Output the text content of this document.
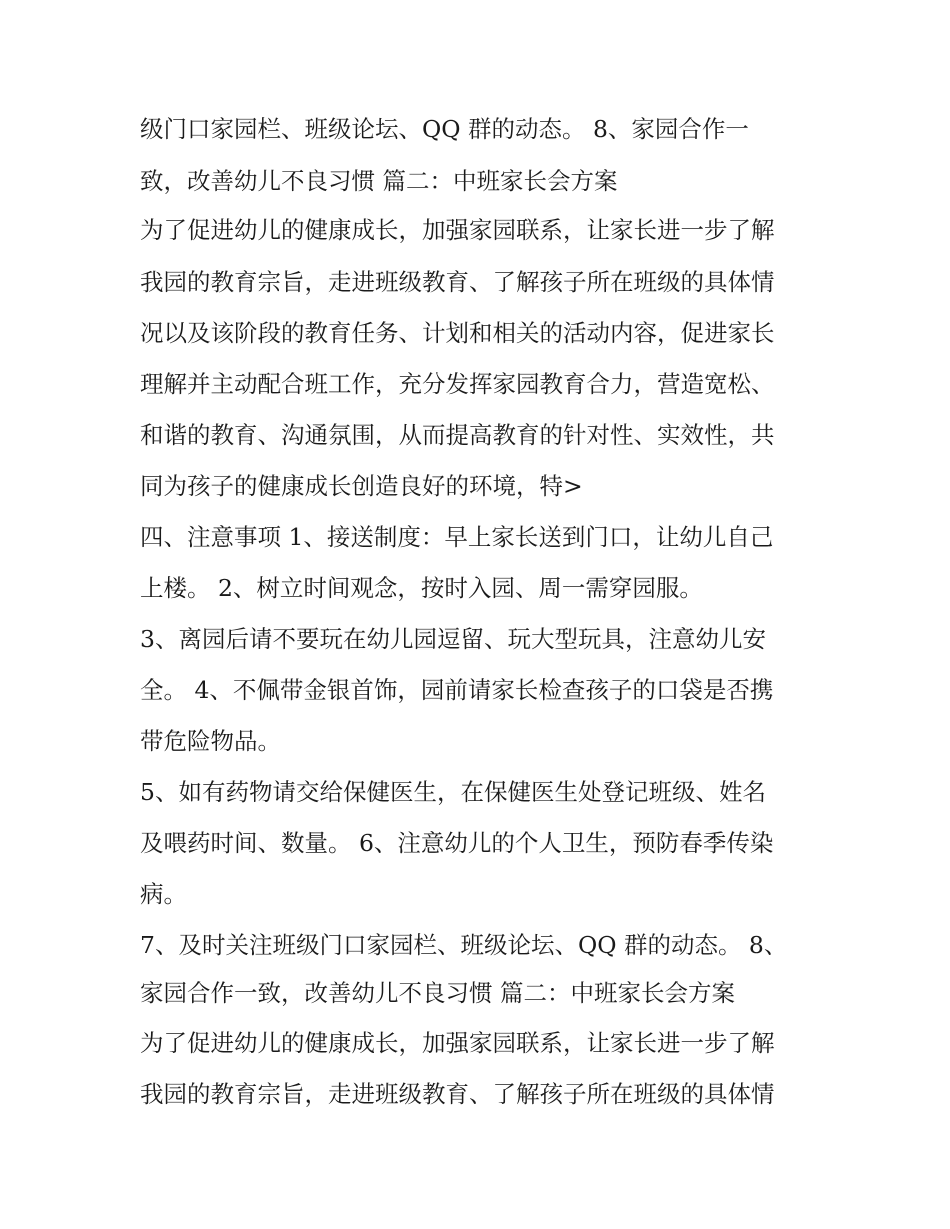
级门口家园栏、班级论坛、QQ 群的动态。 8、家园合作一
致，改善幼儿不良习惯 篇二：中班家长会方案
为了促进幼儿的健康成长，加强家园联系，让家长进一步了解
我园的教育宗旨，走进班级教育、了解孩子所在班级的具体情
况以及该阶段的教育任务、计划和相关的活动内容，促进家长
理解并主动配合班工作，充分发挥家园教育合力，营造宽松、
和谐的教育、沟通氛围，从而提高教育的针对性、实效性，共
同为孩子的健康成长创造良好的环境，特>
四、注意事项 1、接送制度：早上家长送到门口，让幼儿自己
上楼。 2、树立时间观念，按时入园、周一需穿园服。
3、离园后请不要玩在幼儿园逗留、玩大型玩具，注意幼儿安
全。 4、不佩带金银首饰，园前请家长检查孩子的口袋是否携
带危险物品。
5、如有药物请交给保健医生，在保健医生处登记班级、姓名
及喂药时间、数量。 6、注意幼儿的个人卫生，预防春季传染
病。
7、及时关注班级门口家园栏、班级论坛、QQ 群的动态。 8、
家园合作一致，改善幼儿不良习惯 篇二：中班家长会方案
为了促进幼儿的健康成长，加强家园联系，让家长进一步了解
我园的教育宗旨，走进班级教育、了解孩子所在班级的具体情
